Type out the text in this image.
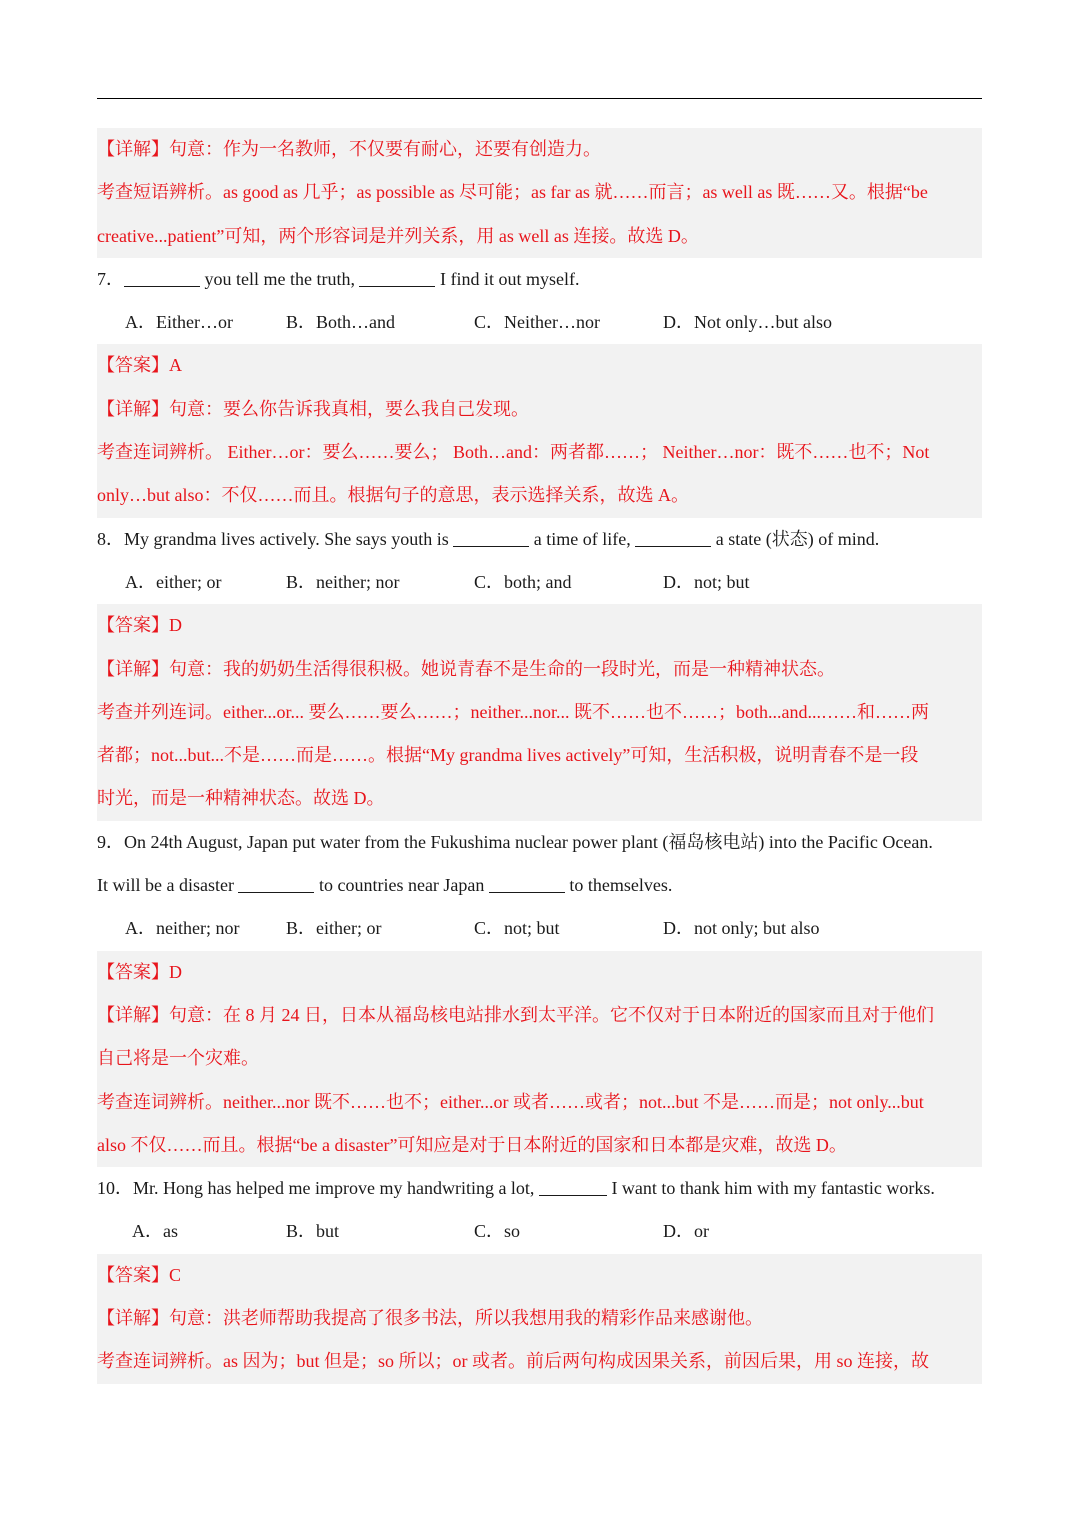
【详解】句意：作为一名教师，不仅要有耐心，还要有创造力。
考查短语辨析。as good as 几乎；as possible as 尽可能；as far as 就……而言；as well as 既……又。根据“be
creative...patient”可知，两个形容词是并列关系，用 as well as 连接。故选 D。
7．	you tell me the truth,	I find it out myself.
A．Either…or	B．Both…and	C．Neither…nor	D．Not only…but also
【答案】A
【详解】句意：要么你告诉我真相，要么我自己发现。
考查连词辨析。 Either…or：要么……要么； Both…and：两者都……； Neither…nor：既不……也不；Not
only…but also：不仅……而且。根据句子的意思，表示选择关系，故选 A。
8．My grandma lives actively. She says youth is	a time of life,	a state (状态) of mind.
A．either; or	B．neither; nor	C．both; and	D．not; but
【答案】D
【详解】句意：我的奶奶生活得很积极。她说青春不是生命的一段时光，而是一种精神状态。
考查并列连词。either...or... 要么……要么……；neither...nor... 既不……也不……；both...and...……和……两
者都；not...but...不是……而是……。根据“My grandma lives actively”可知，生活积极，说明青春不是一段
时光，而是一种精神状态。故选 D。
9．On 24th August, Japan put water from the Fukushima nuclear power plant (福岛核电站) into the Pacific Ocean.
It will be a disaster	to countries near Japan	to themselves.
A．neither; nor	B．either; or	C．not; but	D．not only; but also
【答案】D
【详解】句意：在 8 月 24 日，日本从福岛核电站排水到太平洋。它不仅对于日本附近的国家而且对于他们
自己将是一个灾难。
考查连词辨析。neither...nor 既不……也不；either...or 或者……或者；not...but 不是……而是；not only...but
also 不仅……而且。根据“be a disaster”可知应是对于日本附近的国家和日本都是灾难，故选 D。
10．Mr. Hong has helped me improve my handwriting a lot,	I want to thank him with my fantastic works.
A．as	B．but	C．so	D．or
【答案】C
【详解】句意：洪老师帮助我提高了很多书法，所以我想用我的精彩作品来感谢他。
考查连词辨析。as 因为；but 但是；so 所以；or 或者。前后两句构成因果关系，前因后果，用 so 连接，故
